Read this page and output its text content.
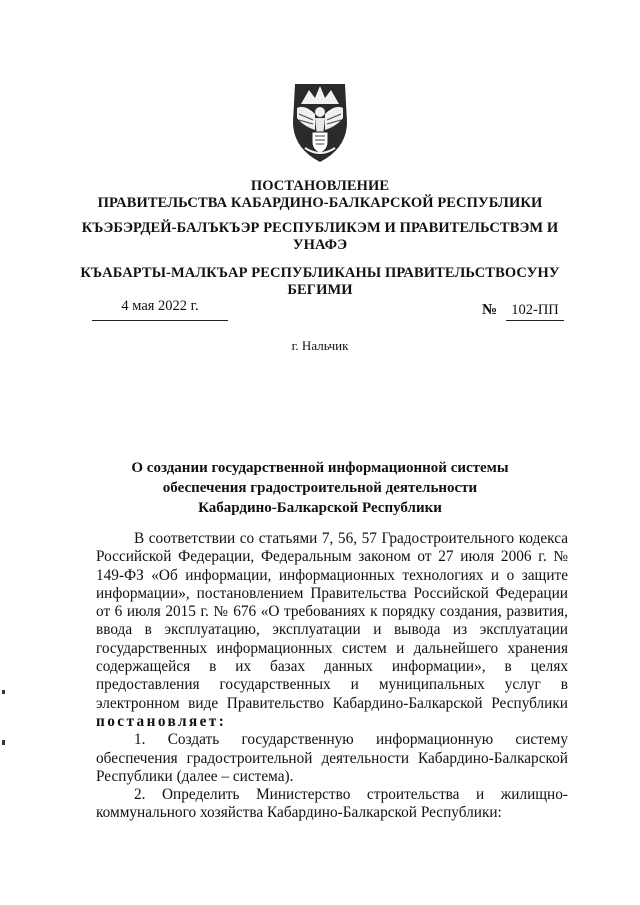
ПОСТАНОВЛЕНИЕ
ПРАВИТЕЛЬСТВА КАБАРДИНО-БАЛКАРСКОЙ РЕСПУБЛИКИ
КЪЭБЭРДЕЙ-БАЛЪКЪЭР РЕСПУБЛИКЭМ И ПРАВИТЕЛЬСТВЭМ И
УНАФЭ
КЪАБАРТЫ-МАЛКЪАР РЕСПУБЛИКАНЫ ПРАВИТЕЛЬСТВОСУНУ
БЕГИМИ
4 мая 2022 г.	№ 102-ПП
г. Нальчик
О создании государственной информационной системы
обеспечения градостроительной деятельности
Кабардино-Балкарской Республики

В соответствии со статьями 7, 56, 57 Градостроительного кодекса Российской Федерации, Федеральным законом от 27 июля 2006 г. № 149-ФЗ «Об информации, информационных технологиях и о защите информации», постановлением Правительства Российской Федерации от 6 июля 2015 г. № 676 «О требованиях к порядку создания, развития, ввода в эксплуатацию, эксплуатации и вывода из эксплуатации государственных информационных систем и дальнейшего хранения содержащейся в их базах данных информации», в целях предоставления государственных и муниципальных услуг в электронном виде Правительство Кабардино-Балкарской Республики постановляет:

1. Создать государственную информационную систему обеспечения градостроительной деятельности Кабардино-Балкарской Республики (далее – система).

2. Определить Министерство строительства и жилищно-коммунального хозяйства Кабардино-Балкарской Республики:
